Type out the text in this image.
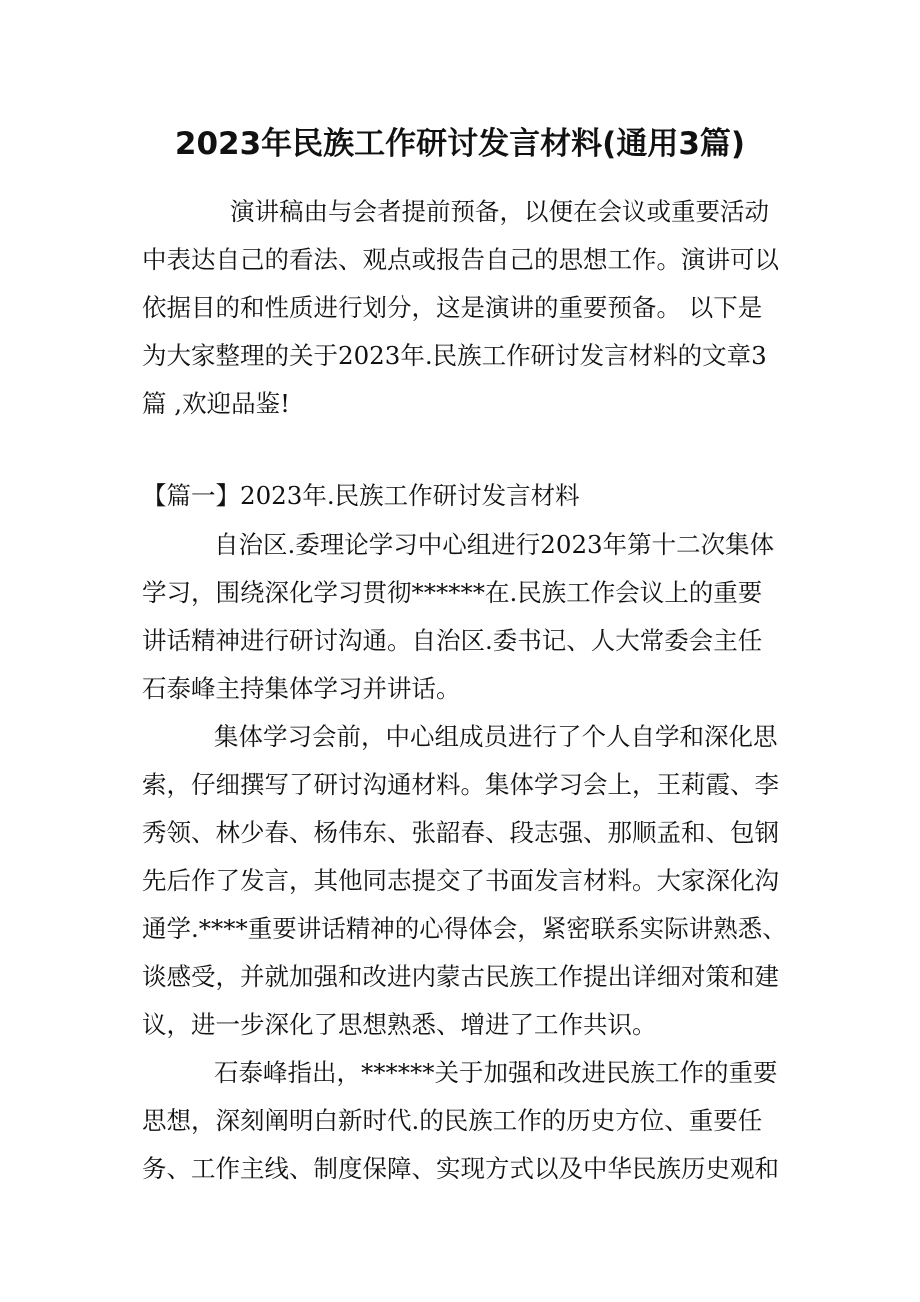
2023年民族工作研讨发言材料(通用3篇)
演讲稿由与会者提前预备，以便在会议或重要活动
中表达自己的看法、观点或报告自己的思想工作。演讲可以
依据目的和性质进行划分，这是演讲的重要预备。 以下是
为大家整理的关于2023年.民族工作研讨发言材料的文章3
篇 ,欢迎品鉴!
【篇一】2023年.民族工作研讨发言材料
自治区.委理论学习中心组进行2023年第十二次集体
学习，围绕深化学习贯彻******在.民族工作会议上的重要
讲话精神进行研讨沟通。自治区.委书记、人大常委会主任
石泰峰主持集体学习并讲话。
集体学习会前，中心组成员进行了个人自学和深化思
索，仔细撰写了研讨沟通材料。集体学习会上，王莉霞、李
秀领、林少春、杨伟东、张韶春、段志强、那顺孟和、包钢
先后作了发言，其他同志提交了书面发言材料。大家深化沟
通学.****重要讲话精神的心得体会，紧密联系实际讲熟悉、
谈感受，并就加强和改进内蒙古民族工作提出详细对策和建
议，进一步深化了思想熟悉、增进了工作共识。
石泰峰指出，******关于加强和改进民族工作的重要
思想，深刻阐明白新时代.的民族工作的历史方位、重要任
务、工作主线、制度保障、实现方式以及中华民族历史观和
